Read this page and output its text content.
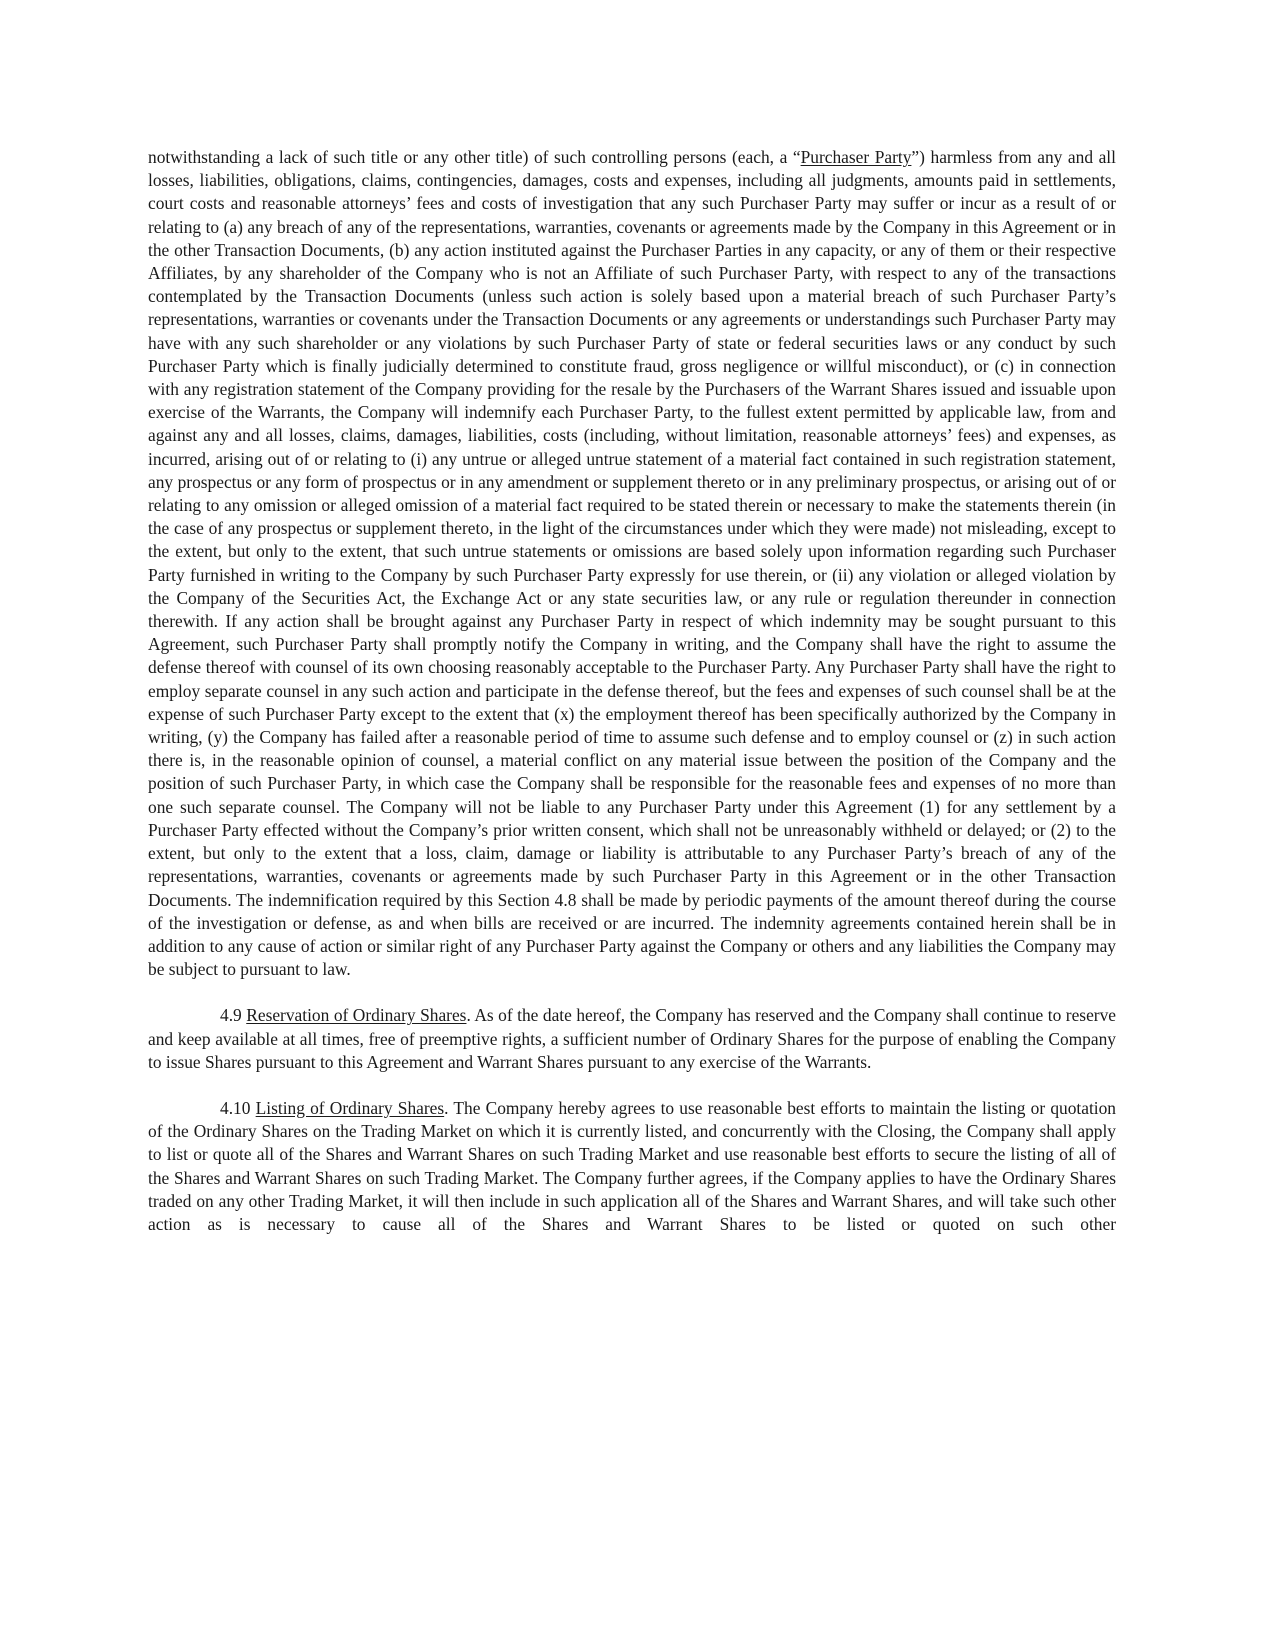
notwithstanding a lack of such title or any other title) of such controlling persons (each, a “Purchaser Party”) harmless from any and all losses, liabilities, obligations, claims, contingencies, damages, costs and expenses, including all judgments, amounts paid in settlements, court costs and reasonable attorneys’ fees and costs of investigation that any such Purchaser Party may suffer or incur as a result of or relating to (a) any breach of any of the representations, warranties, covenants or agreements made by the Company in this Agreement or in the other Transaction Documents, (b) any action instituted against the Purchaser Parties in any capacity, or any of them or their respective Affiliates, by any shareholder of the Company who is not an Affiliate of such Purchaser Party, with respect to any of the transactions contemplated by the Transaction Documents (unless such action is solely based upon a material breach of such Purchaser Party’s representations, warranties or covenants under the Transaction Documents or any agreements or understandings such Purchaser Party may have with any such shareholder or any violations by such Purchaser Party of state or federal securities laws or any conduct by such Purchaser Party which is finally judicially determined to constitute fraud, gross negligence or willful misconduct), or (c) in connection with any registration statement of the Company providing for the resale by the Purchasers of the Warrant Shares issued and issuable upon exercise of the Warrants, the Company will indemnify each Purchaser Party, to the fullest extent permitted by applicable law, from and against any and all losses, claims, damages, liabilities, costs (including, without limitation, reasonable attorneys’ fees) and expenses, as incurred, arising out of or relating to (i) any untrue or alleged untrue statement of a material fact contained in such registration statement, any prospectus or any form of prospectus or in any amendment or supplement thereto or in any preliminary prospectus, or arising out of or relating to any omission or alleged omission of a material fact required to be stated therein or necessary to make the statements therein (in the case of any prospectus or supplement thereto, in the light of the circumstances under which they were made) not misleading, except to the extent, but only to the extent, that such untrue statements or omissions are based solely upon information regarding such Purchaser Party furnished in writing to the Company by such Purchaser Party expressly for use therein, or (ii) any violation or alleged violation by the Company of the Securities Act, the Exchange Act or any state securities law, or any rule or regulation thereunder in connection therewith. If any action shall be brought against any Purchaser Party in respect of which indemnity may be sought pursuant to this Agreement, such Purchaser Party shall promptly notify the Company in writing, and the Company shall have the right to assume the defense thereof with counsel of its own choosing reasonably acceptable to the Purchaser Party. Any Purchaser Party shall have the right to employ separate counsel in any such action and participate in the defense thereof, but the fees and expenses of such counsel shall be at the expense of such Purchaser Party except to the extent that (x) the employment thereof has been specifically authorized by the Company in writing, (y) the Company has failed after a reasonable period of time to assume such defense and to employ counsel or (z) in such action there is, in the reasonable opinion of counsel, a material conflict on any material issue between the position of the Company and the position of such Purchaser Party, in which case the Company shall be responsible for the reasonable fees and expenses of no more than one such separate counsel. The Company will not be liable to any Purchaser Party under this Agreement (1) for any settlement by a Purchaser Party effected without the Company’s prior written consent, which shall not be unreasonably withheld or delayed; or (2) to the extent, but only to the extent that a loss, claim, damage or liability is attributable to any Purchaser Party’s breach of any of the representations, warranties, covenants or agreements made by such Purchaser Party in this Agreement or in the other Transaction Documents. The indemnification required by this Section 4.8 shall be made by periodic payments of the amount thereof during the course of the investigation or defense, as and when bills are received or are incurred. The indemnity agreements contained herein shall be in addition to any cause of action or similar right of any Purchaser Party against the Company or others and any liabilities the Company may be subject to pursuant to law.

4.9 Reservation of Ordinary Shares. As of the date hereof, the Company has reserved and the Company shall continue to reserve and keep available at all times, free of preemptive rights, a sufficient number of Ordinary Shares for the purpose of enabling the Company to issue Shares pursuant to this Agreement and Warrant Shares pursuant to any exercise of the Warrants.

4.10 Listing of Ordinary Shares. The Company hereby agrees to use reasonable best efforts to maintain the listing or quotation of the Ordinary Shares on the Trading Market on which it is currently listed, and concurrently with the Closing, the Company shall apply to list or quote all of the Shares and Warrant Shares on such Trading Market and use reasonable best efforts to secure the listing of all of the Shares and Warrant Shares on such Trading Market. The Company further agrees, if the Company applies to have the Ordinary Shares traded on any other Trading Market, it will then include in such application all of the Shares and Warrant Shares, and will take such other action as is necessary to cause all of the Shares and Warrant Shares to be listed or quoted on such other
